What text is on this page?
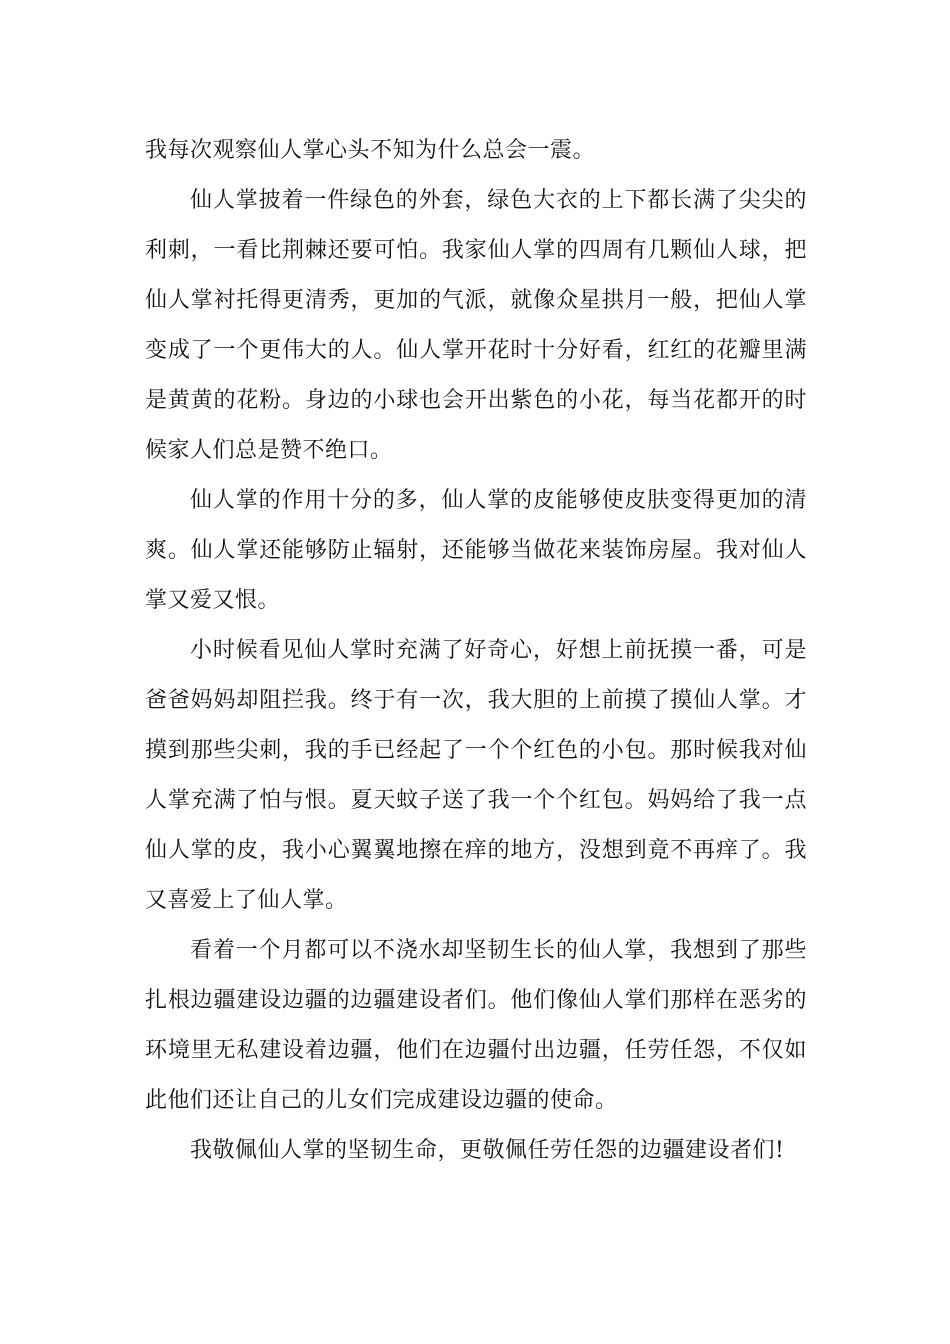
我每次观察仙人掌心头不知为什么总会一震。
仙人掌披着一件绿色的外套，绿色大衣的上下都长满了尖尖的
利刺，一看比荆棘还要可怕。我家仙人掌的四周有几颗仙人球，把
仙人掌衬托得更清秀，更加的气派，就像众星拱月一般，把仙人掌
变成了一个更伟大的人。仙人掌开花时十分好看，红红的花瓣里满
是黄黄的花粉。身边的小球也会开出紫色的小花，每当花都开的时
候家人们总是赞不绝口。
仙人掌的作用十分的多，仙人掌的皮能够使皮肤变得更加的清
爽。仙人掌还能够防止辐射，还能够当做花来装饰房屋。我对仙人
掌又爱又恨。
小时候看见仙人掌时充满了好奇心，好想上前抚摸一番，可是
爸爸妈妈却阻拦我。终于有一次，我大胆的上前摸了摸仙人掌。才
摸到那些尖刺，我的手已经起了一个个红色的小包。那时候我对仙
人掌充满了怕与恨。夏天蚊子送了我一个个红包。妈妈给了我一点
仙人掌的皮，我小心翼翼地擦在痒的地方，没想到竟不再痒了。我
又喜爱上了仙人掌。
看着一个月都可以不浇水却坚韧生长的仙人掌，我想到了那些
扎根边疆建设边疆的边疆建设者们。他们像仙人掌们那样在恶劣的
环境里无私建设着边疆，他们在边疆付出边疆，任劳任怨，不仅如
此他们还让自己的儿女们完成建设边疆的使命。
我敬佩仙人掌的坚韧生命，更敬佩任劳任怨的边疆建设者们!
